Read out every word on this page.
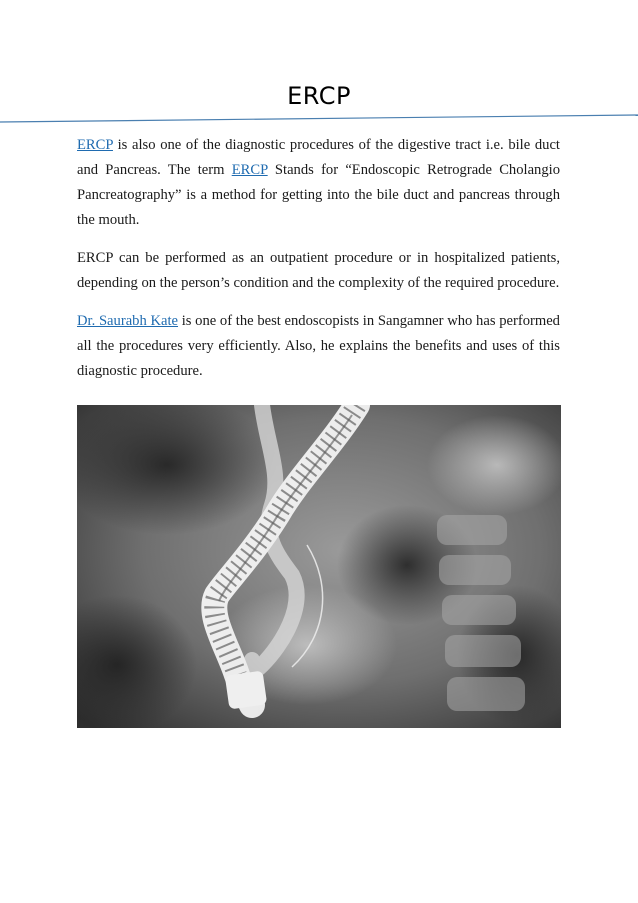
ERCP

ERCP is also one of the diagnostic procedures of the digestive tract i.e. bile duct and Pancreas. The term ERCP Stands for “Endoscopic Retrograde Cholangio Pancreatography” is a method for getting into the bile duct and pancreas through the mouth.

ERCP can be performed as an outpatient procedure or in hospitalized patients, depending on the person’s condition and the complexity of the required procedure.

Dr. Saurabh Kate is one of the best endoscopists in Sangamner who has performed all the procedures very efficiently. Also, he explains the benefits and uses of this diagnostic procedure.
